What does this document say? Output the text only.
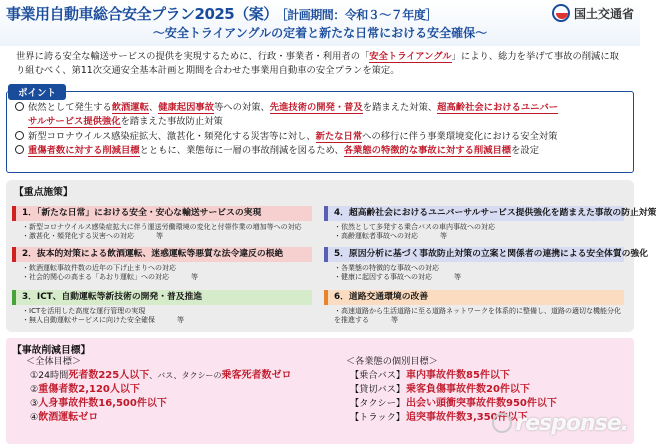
事業用自動車総合安全プラン2025（案） ［計画期間：令和３〜７年度］	国土交通省
〜安全トライアングルの定着と新たな日常における安全確保〜
世界に誇る安全な輸送サービスの提供を実現するために、行政・事業者・利用者の「安全トライアングル」により、総力を挙げて事故の削減に取り組むべく、第11次交通安全基本計画と期間を合わせた事業用自動車の安全プランを策定。
ポイント
依然として発生する飲酒運転、健康起因事故等への対策、先進技術の開発・普及を踏まえた対策、超高齢社会におけるユニバー
サルサービス提供強化を踏まえた事故防止対策
新型コロナウイルス感染症拡大、激甚化・頻発化する災害等に対し、新たな日常への移行に伴う事業環境変化における安全対策
重傷者数に対する削減目標とともに、業態毎に一層の事故削減を図るため、各業態の特徴的な事故に対する削減目標を設定
【重点施策】
1．「新たな日常」における安全・安心な輸送サービスの実現
・新型コロナウイルス感染症拡大に伴う運送労働環境の変化と付帯作業の増加等への対応
・激甚化・頻発化する災害への対応	等
2．抜本的対策による飲酒運転、迷惑運転等悪質な法令違反の根絶
・飲酒運転事故件数の近年の下げ止まりへの対応
・社会的関心の高まる「あおり運転」への対応	等
3．ICT、自動運転等新技術の開発・普及推進
・ICTを活用した高度な運行管理の実現
・無人自動運転サービスに向けた安全確保	等
4．超高齢社会におけるユニバーサルサービス提供強化を踏まえた事故の防止対策
・依然として多発する乗合バスの車内事故への対応
・高齢運転者事故への対応	等
5．原因分析に基づく事故防止対策の立案と関係者の連携による安全体質の強化
・各業態の特徴的な事故への対応
・健康に起因する事故への対応	等
6．道路交通環境の改善
・高速道路から生活道路に至る道路ネットワークを体系的に整備し、道路の適切な機能分化
を推進する	等
【事故削減目標】
＜全体目標＞
①24時間死者数225人以下、バス、タクシーの乗客死者数ゼロ
②重傷者数2,120人以下
③人身事故件数16,500件以下
④飲酒運転ゼロ
＜各業態の個別目標＞
【乗合バス】 車内事故件数85件以下
【貸切バス】 乗客負傷事故件数20件以下
【タクシー】 出会い頭衝突事故件数950件以下
【トラック】 追突事故件数3,350件以下
response.
